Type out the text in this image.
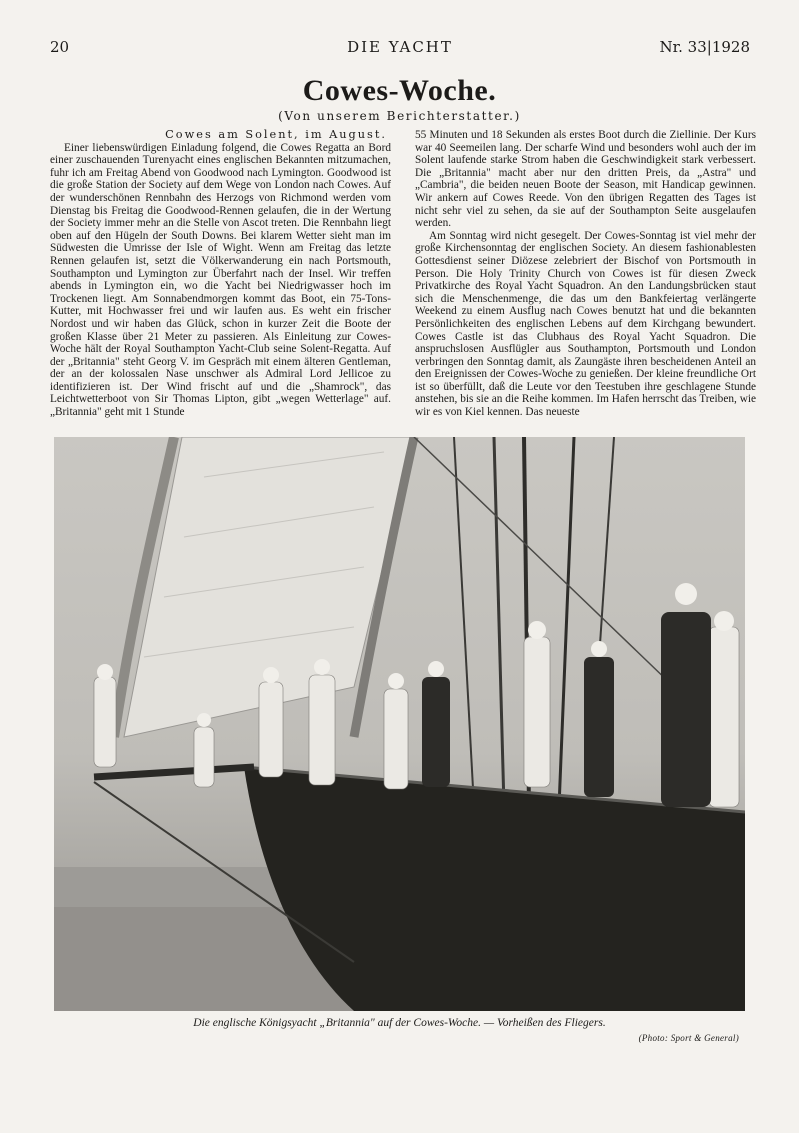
20	DIE YACHT	Nr. 33|1928
Cowes-Woche.
(Von unserem Berichterstatter.)
Cowes am Solent, im August.

Einer liebenswürdigen Einladung folgend, die Cowes Regatta an Bord einer zuschauenden Turenyacht eines englischen Bekannten mitzumachen, fuhr ich am Freitag Abend von Goodwood nach Lymington. Goodwood ist die große Station der Society auf dem Wege von London nach Cowes. Auf der wunderschönen Rennbahn des Herzogs von Richmond werden vom Dienstag bis Freitag die Goodwood-Rennen gelaufen, die in der Wertung der Society immer mehr an die Stelle von Ascot treten. Die Rennbahn liegt oben auf den Hügeln der South Downs. Bei klarem Wetter sieht man im Südwesten die Umrisse der Isle of Wight. Wenn am Freitag das letzte Rennen gelaufen ist, setzt die Völkerwanderung ein nach Portsmouth, Southampton und Lymington zur Überfahrt nach der Insel. Wir treffen abends in Lymington ein, wo die Yacht bei Niedrigwasser hoch im Trockenen liegt. Am Sonnabendmorgen kommt das Boot, ein 75-Tons-Kutter, mit Hochwasser frei und wir laufen aus. Es weht ein frischer Nordost und wir haben das Glück, schon in kurzer Zeit die Boote der großen Klasse über 21 Meter zu passieren. Als Einleitung zur Cowes-Woche hält der Royal Southampton Yacht-Club seine Solent-Regatta. Auf der „Britannia" steht Georg V. im Gespräch mit einem älteren Gentleman, der an der kolossalen Nase unschwer als Admiral Lord Jellicoe zu identifizieren ist. Der Wind frischt auf und die „Shamrock", das Leichtwetterboot von Sir Thomas Lipton, gibt „wegen Wetterlage" auf. „Britannia" geht mit 1 Stunde

55 Minuten und 18 Sekunden als erstes Boot durch die Ziellinie. Der Kurs war 40 Seemeilen lang. Der scharfe Wind und besonders wohl auch der im Solent laufende starke Strom haben die Geschwindigkeit stark verbessert. Die „Britannia" macht aber nur den dritten Preis, da „Astra" und „Cambria", die beiden neuen Boote der Season, mit Handicap gewinnen. Wir ankern auf Cowes Reede. Von den übrigen Regatten des Tages ist nicht sehr viel zu sehen, da sie auf der Southampton Seite ausgelaufen werden.

Am Sonntag wird nicht gesegelt. Der Cowes-Sonntag ist viel mehr der große Kirchensonntag der englischen Society. An diesem fashionablesten Gottesdienst seiner Diözese zelebriert der Bischof von Portsmouth in Person. Die Holy Trinity Church von Cowes ist für diesen Zweck Privatkirche des Royal Yacht Squadron. An den Landungsbrücken staut sich die Menschenmenge, die das um den Bankfeiertag verlängerte Weekend zu einem Ausflug nach Cowes benutzt hat und die bekannten Persönlichkeiten des englischen Lebens auf dem Kirchgang bewundert. Cowes Castle ist das Clubhaus des Royal Yacht Squadron. Die anspruchslosen Ausflügler aus Southampton, Portsmouth und London verbringen den Sonntag damit, als Zaungäste ihren bescheidenen Anteil an den Ereignissen der Cowes-Woche zu genießen. Der kleine freundliche Ort ist so überfüllt, daß die Leute vor den Teestuben ihre geschlagene Stunde anstehen, bis sie an die Reihe kommen. Im Hafen herrscht das Treiben, wie wir es von Kiel kennen. Das neueste

Die englische Königsyacht „Britannia" auf der Cowes-Woche. — Vorheißen des Fliegers.
(Photo: Sport & General)
